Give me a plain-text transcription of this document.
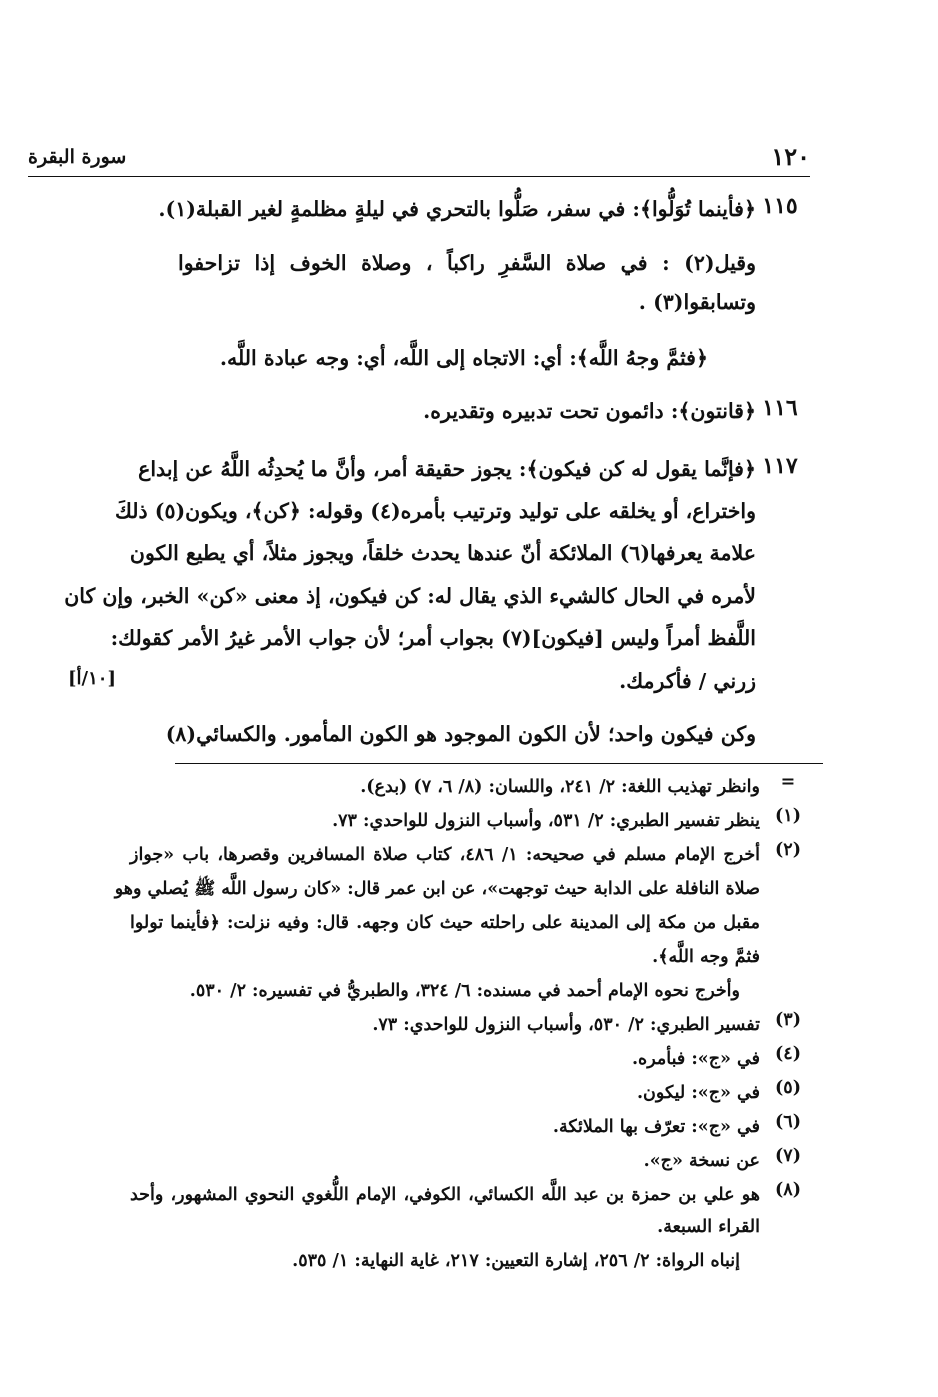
١٢٠
سورة البقرة
١١٥
﴿فأينما تُوَلُّوا﴾: في سفر، صَلُّوا بالتحري في ليلةٍ مظلمةٍ لغير القبلة(١).
وقيل(٢) : في صلاة السَّفرِ راكباً ، وصلاة الخوف إذا تزاحفوا
وتسابقوا(٣) .
﴿فثمَّ وجهُ اللَّه﴾: أي: الاتجاه إلى اللَّه، أي: وجه عبادة اللَّه.
١١٦
﴿قانتون﴾: دائمون تحت تدبيره وتقديره.
١١٧
﴿فإنَّما يقول له كن فيكون﴾: يجوز حقيقة أمر، وأنَّ ما يُحدِثُه اللَّهُ عن إبداع
واختراع، أو يخلقه على توليد وترتيب بأمره(٤) وقوله: ﴿كن﴾، ويكون(٥) ذلكَ
علامة يعرفها(٦) الملائكة أنّ عندها يحدث خلقاً، ويجوز مثلاً، أي يطيع الكون
لأمره في الحال كالشيء الذي يقال له: كن فيكون، إذ معنى «كن» الخبر، وإن كان
اللَّفظ أمراً وليس [فيكون](٧) بجواب أمر؛ لأن جواب الأمر غيرُ الأمر كقولك:
[١٠/أ]	زرني / فأكرمك.
وكن فيكون واحد؛ لأن الكون الموجود هو الكون المأمور. والكسائي(٨)
=
وانظر تهذيب اللغة: ٢/ ٢٤١، واللسان: (٨/ ٦، ٧) (بدع).
(١)
ينظر تفسير الطبري: ٢/ ٥٣١، وأسباب النزول للواحدي: ٧٣.
(٢)
أخرج الإمام مسلم في صحيحه: ١/ ٤٨٦، كتاب صلاة المسافرين وقصرها، باب «جواز
صلاة النافلة على الدابة حيث توجهت»، عن ابن عمر قال: «كان رسول اللَّه ﷺ يُصلي وهو
مقبل من مكة إلى المدينة على راحلته حيث كان وجهه. قال: وفيه نزلت: ﴿فأينما تولوا
فثمَّ وجه اللَّه﴾.
وأخرج نحوه الإمام أحمد في مسنده: ٦/ ٣٢٤، والطبريُّ في تفسيره: ٢/ ٥٣٠.
(٣)
تفسير الطبري: ٢/ ٥٣٠، وأسباب النزول للواحدي: ٧٣.
(٤)
في «ج»: فبأمره.
(٥)
في «ج»: ليكون.
(٦)
في «ج»: تعرّف بها الملائكة.
(٧)
عن نسخة «ج».
(٨)
هو علي بن حمزة بن عبد اللَّه الكسائي، الكوفي، الإمام اللُّغوي النحوي المشهور، وأحد
القراء السبعة.
إنباه الرواة: ٢/ ٢٥٦، إشارة التعيين: ٢١٧، غاية النهاية: ١/ ٥٣٥.
